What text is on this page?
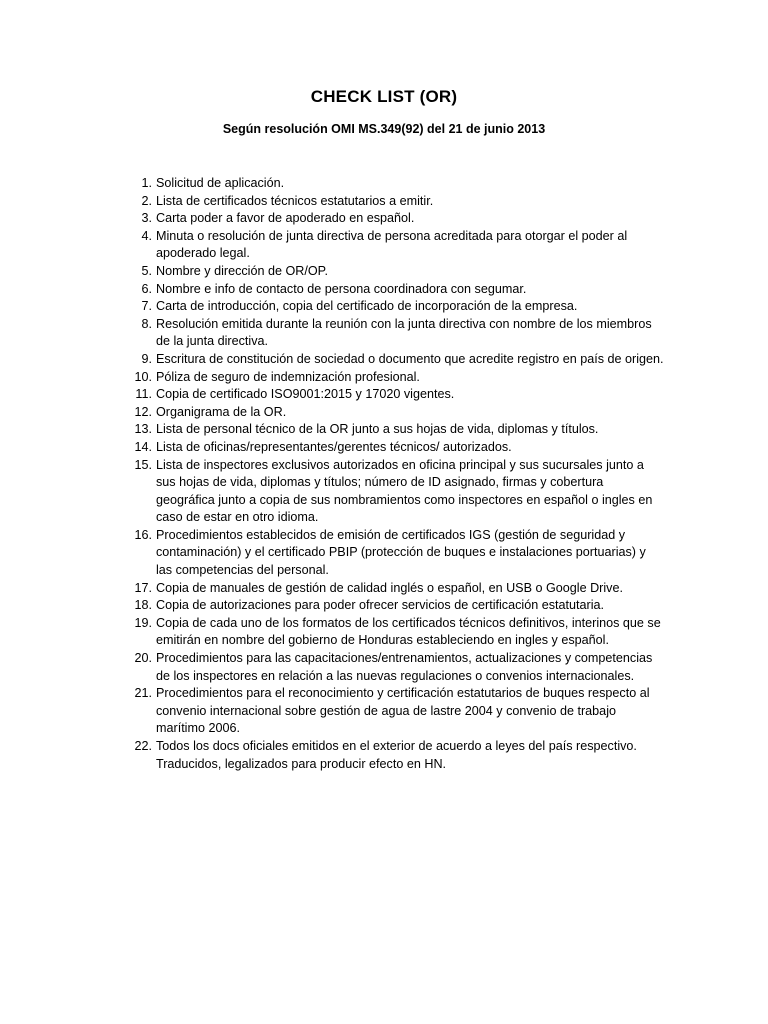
CHECK LIST (OR)
Según resolución OMI MS.349(92) del 21 de junio 2013
1. Solicitud de aplicación.
2. Lista de certificados técnicos estatutarios a emitir.
3. Carta poder a favor de apoderado en español.
4. Minuta o resolución de junta directiva de persona acreditada para otorgar el poder al apoderado legal.
5. Nombre y dirección de OR/OP.
6. Nombre e info de contacto de persona coordinadora con segumar.
7. Carta de introducción, copia del certificado de incorporación de la empresa.
8. Resolución emitida durante la reunión con la junta directiva con nombre de los miembros de la junta directiva.
9. Escritura de constitución de sociedad o documento que acredite registro en país de origen.
10. Póliza de seguro de indemnización profesional.
11. Copia de certificado ISO9001:2015 y 17020 vigentes.
12. Organigrama de la OR.
13. Lista de personal técnico de la OR junto a sus hojas de vida, diplomas y títulos.
14. Lista de oficinas/representantes/gerentes técnicos/ autorizados.
15. Lista de inspectores exclusivos autorizados en oficina principal y sus sucursales junto a sus hojas de vida, diplomas y títulos; número de ID asignado, firmas y cobertura geográfica junto a copia de sus nombramientos como inspectores en español o ingles en caso de estar en otro idioma.
16. Procedimientos establecidos de emisión de certificados IGS (gestión de seguridad y contaminación) y el certificado PBIP (protección de buques e instalaciones portuarias) y las competencias del personal.
17. Copia de manuales de gestión de calidad inglés o español, en USB o Google Drive.
18. Copia de autorizaciones para poder ofrecer servicios de certificación estatutaria.
19. Copia de cada uno de los formatos de los certificados técnicos definitivos, interinos que se emitirán en nombre del gobierno de Honduras estableciendo en ingles y español.
20. Procedimientos para las capacitaciones/entrenamientos, actualizaciones y competencias de los inspectores en relación a las nuevas regulaciones o convenios internacionales.
21. Procedimientos para el reconocimiento y certificación estatutarios de buques respecto al convenio internacional sobre gestión de agua de lastre 2004 y convenio de trabajo marítimo 2006.
22. Todos los docs oficiales emitidos en el exterior de acuerdo a leyes del país respectivo. Traducidos, legalizados para producir efecto en HN.
